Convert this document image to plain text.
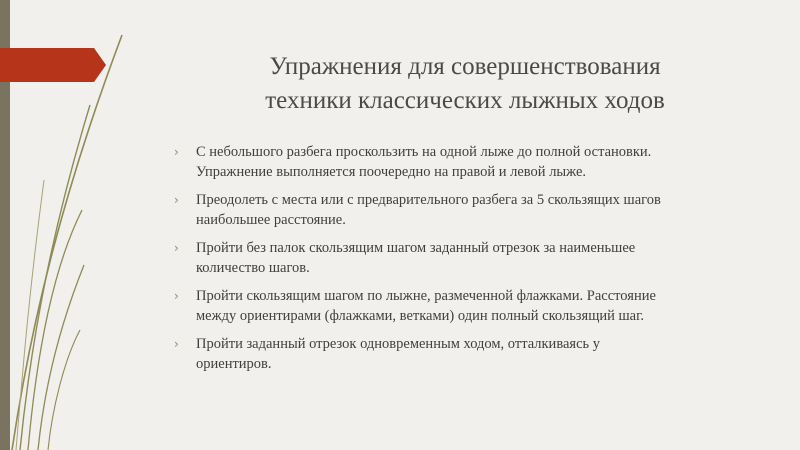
Упражнения для совершенствования
техники классических лыжных ходов
› С небольшого разбега проскользить на одной лыже до полной остановки.
Упражнение выполняется поочередно на правой и левой лыже.
› Преодолеть с места или с предварительного разбега за 5 скользящих шагов
наибольшее расстояние.
› Пройти без палок скользящим шагом заданный отрезок за наименьшее
количество шагов.
› Пройти скользящим шагом по лыжне, размеченной флажками. Расстояние
между ориентирами (флажками, ветками) один полный скользящий шаг.
› Пройти заданный отрезок одновременным ходом, отталкиваясь у
ориентиров.
